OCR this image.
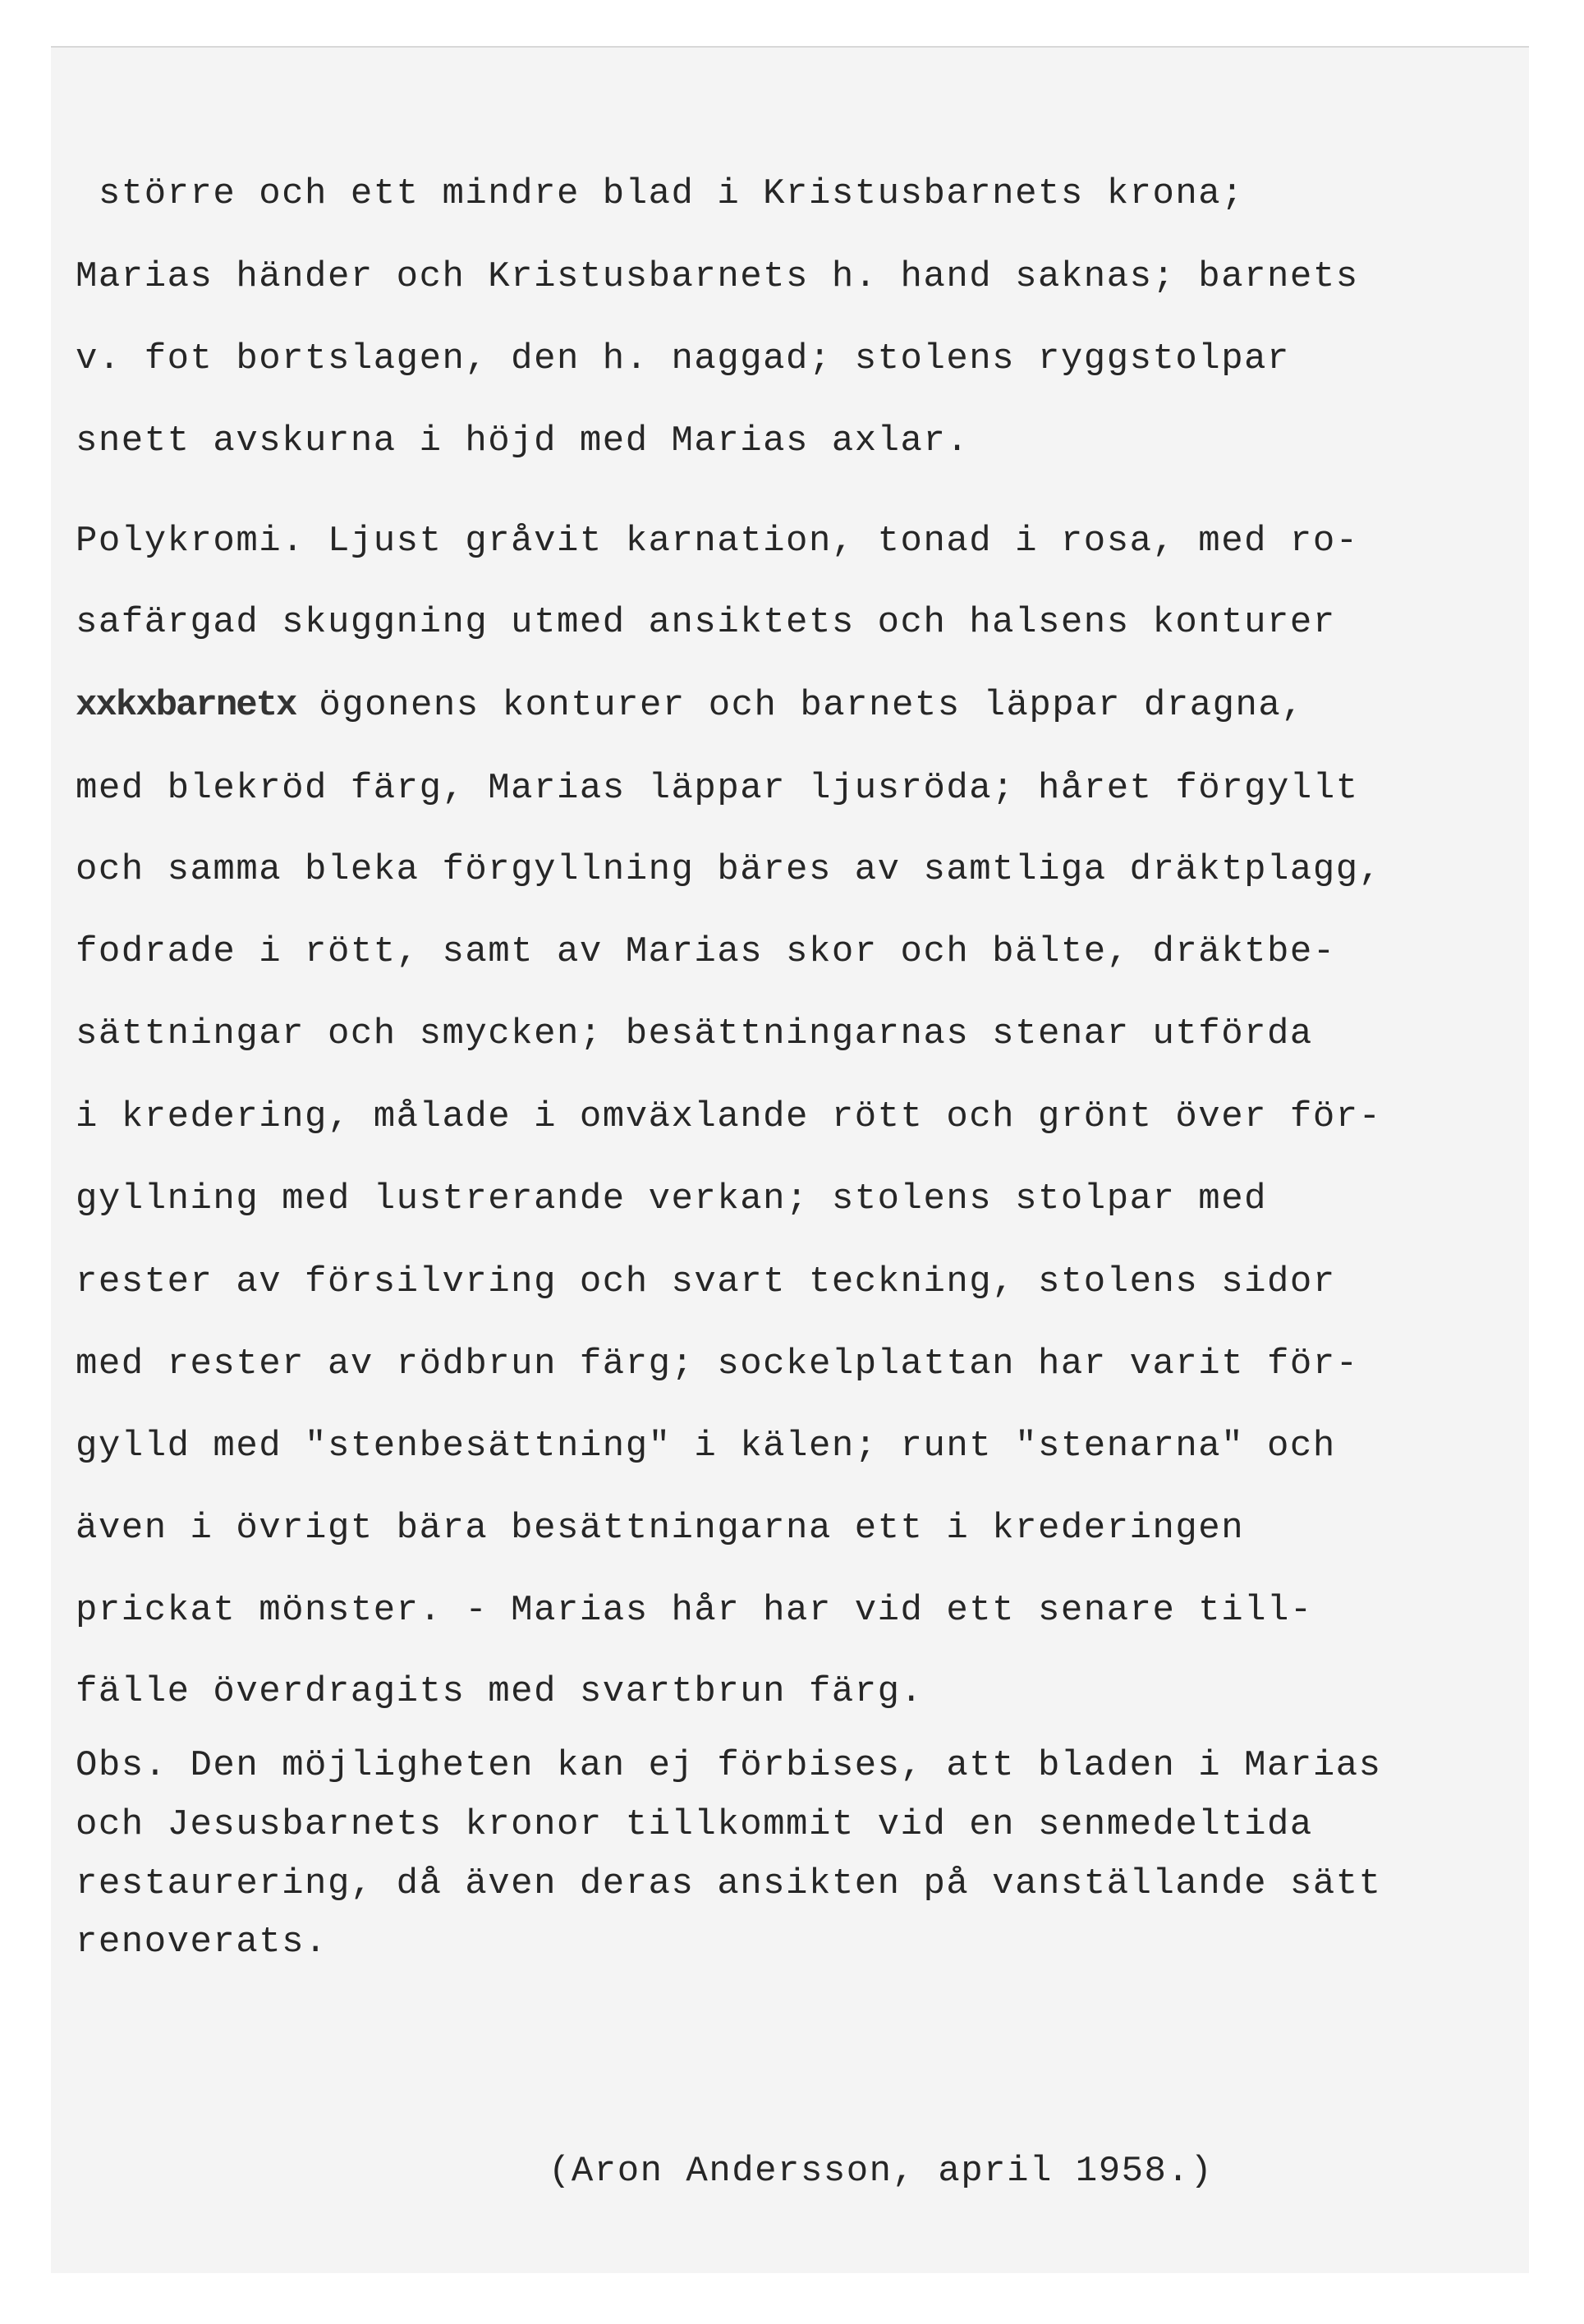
större och ett mindre blad i Kristusbarnets krona;
Marias händer och Kristusbarnets h. hand saknas; barnets
v. fot bortslagen, den h. naggad; stolens ryggstolpar
snett avskurna i höjd med Marias axlar.
Polykromi. Ljust gråvit karnation, tonad i rosa, med ro-
safärgad skuggning utmed ansiktets och halsens konturer
xxkxbarnetx ögonens konturer och barnets läppar dragna,
med blekröd färg, Marias läppar ljusröda; håret förgyllt
och samma bleka förgyllning bäres av samtliga dräktplagg,
fodrade i rött, samt av Marias skor och bälte, dräktbe-
sättningar och smycken; besättningarnas stenar utförda
i kredering, målade i omväxlande rött och grönt över för-
gyllning med lustrerande verkan; stolens stolpar med
rester av försilvring och svart teckning, stolens sidor
med rester av rödbrun färg; sockelplattan har varit för-
gylld med "stenbesättning" i kälen; runt "stenarna" och
även i övrigt bära besättningarna ett i krederingen
prickat mönster. - Marias hår har vid ett senare till-
fälle överdragits med svartbrun färg.
Obs. Den möjligheten kan ej förbises, att bladen i Marias
och Jesusbarnets kronor tillkommit vid en senmedeltida
restaurering, då även deras ansikten på vanställande sätt
renoverats.
(Aron Andersson, april 1958.)
